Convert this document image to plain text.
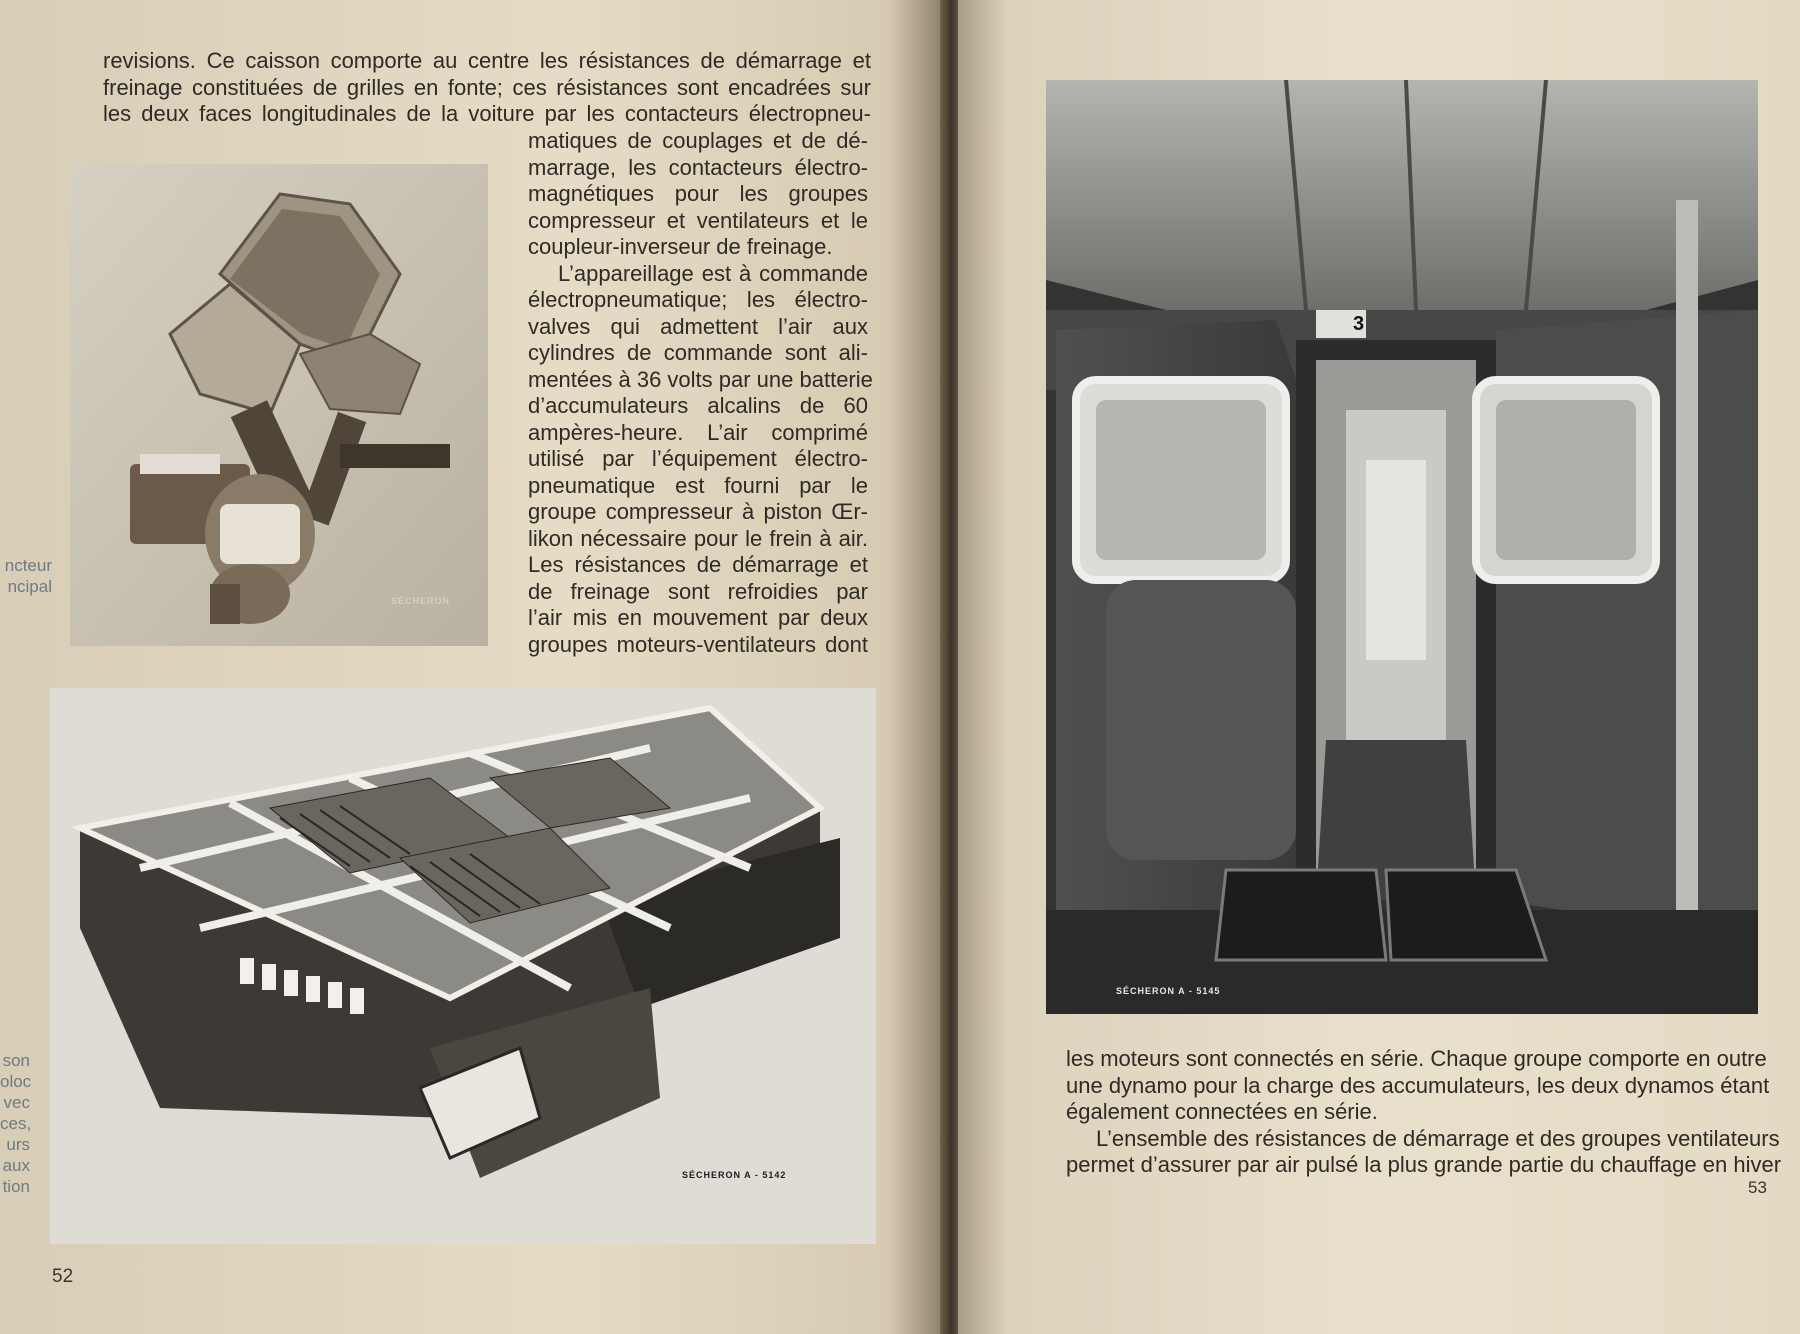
revisions. Ce caisson comporte au centre les résistances de démarrage et
freinage constituées de grilles en fonte; ces résistances sont encadrées sur
les deux faces longitudinales de la voiture par les contacteurs électropneu-
SÉCHERON
matiques de couplages et de dé-
marrage, les contacteurs électro-
magnétiques pour les groupes
compresseur et ventilateurs et le
coupleur-inverseur de freinage.
L’appareillage est à commande
électropneumatique; les électro-
valves qui admettent l’air aux
cylindres de commande sont ali-
mentées à 36 volts par une batterie
d’accumulateurs alcalins de 60
ampères-heure. L’air comprimé
utilisé par l’équipement électro-
pneumatique est fourni par le
groupe compresseur à piston Œr-
likon nécessaire pour le frein à air.
Les résistances de démarrage et
de freinage sont refroidies par
l’air mis en mouvement par deux
groupes moteurs-ventilateurs dont
ncteur
ncipal
SÉCHERON A - 5142
son
oloc
vec
ces,
urs
aux
tion
52
3
SÉCHERON A - 5145
les moteurs sont connectés en série. Chaque groupe comporte en outre
une dynamo pour la charge des accumulateurs, les deux dynamos étant
également connectées en série.
L’ensemble des résistances de démarrage et des groupes ventilateurs
permet d’assurer par air pulsé la plus grande partie du chauffage en hiver
53
